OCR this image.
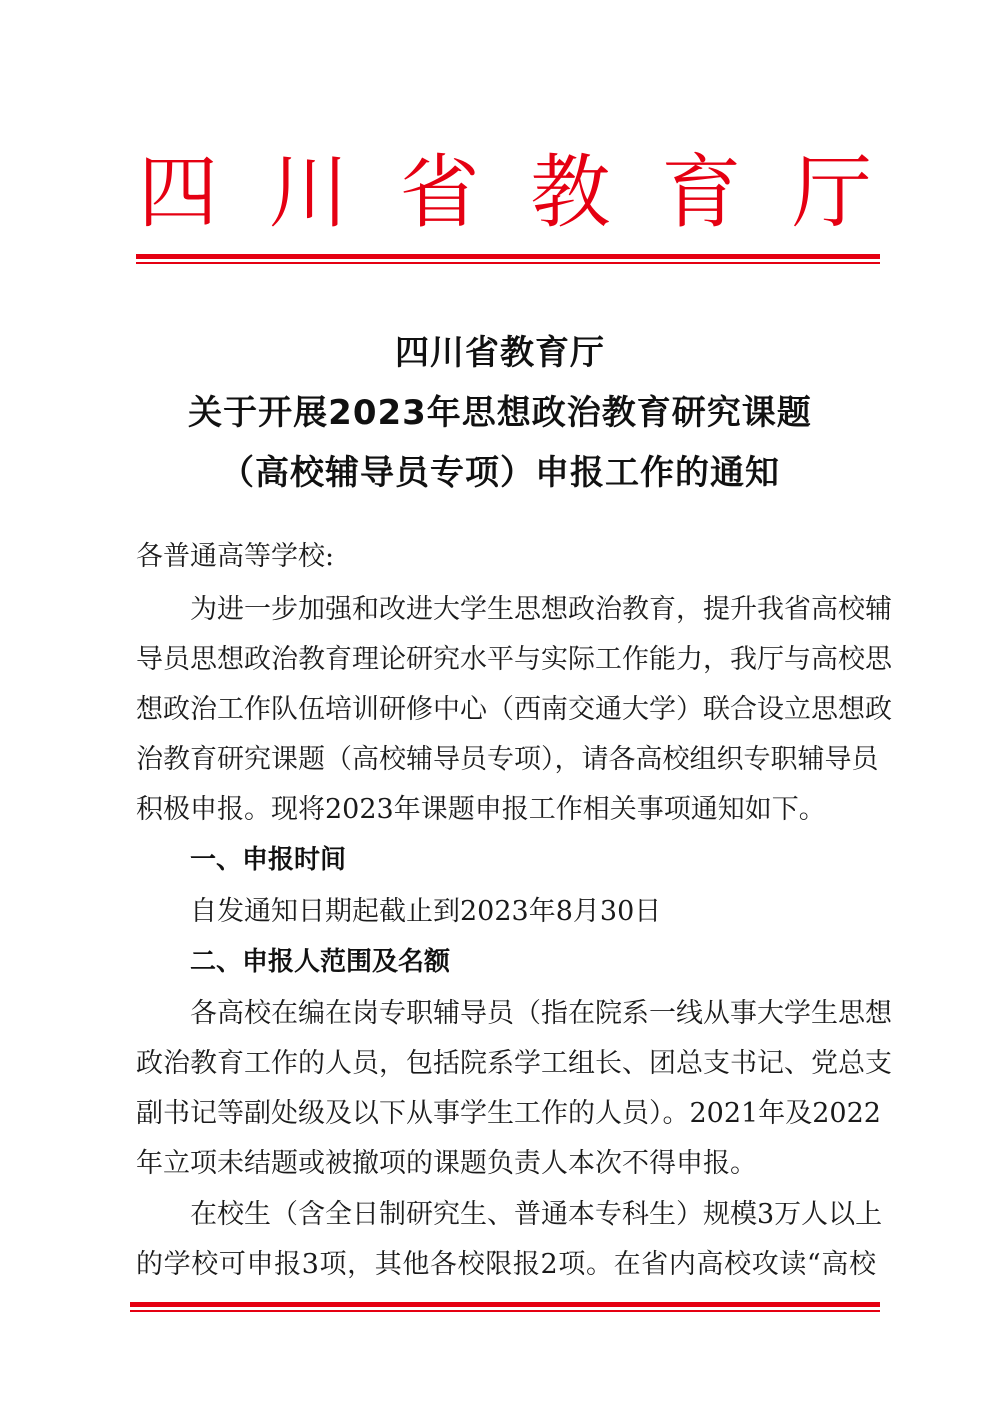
四 川 省 教 育 厅
四川省教育厅
关于开展2023年思想政治教育研究课题
（高校辅导员专项）申报工作的通知
各普通高等学校:
为进一步加强和改进大学生思想政治教育，提升我省高校辅
导员思想政治教育理论研究水平与实际工作能力，我厅与高校思
想政治工作队伍培训研修中心（西南交通大学）联合设立思想政
治教育研究课题（高校辅导员专项），请各高校组织专职辅导员
积极申报。现将2023年课题申报工作相关事项通知如下。
一、申报时间
自发通知日期起截止到2023年8月30日
二、申报人范围及名额
各高校在编在岗专职辅导员（指在院系一线从事大学生思想
政治教育工作的人员，包括院系学工组长、团总支书记、党总支
副书记等副处级及以下从事学生工作的人员）。2021年及2022
年立项未结题或被撤项的课题负责人本次不得申报。
在校生（含全日制研究生、普通本专科生）规模3万人以上
的学校可申报3项，其他各校限报2项。在省内高校攻读“高校
